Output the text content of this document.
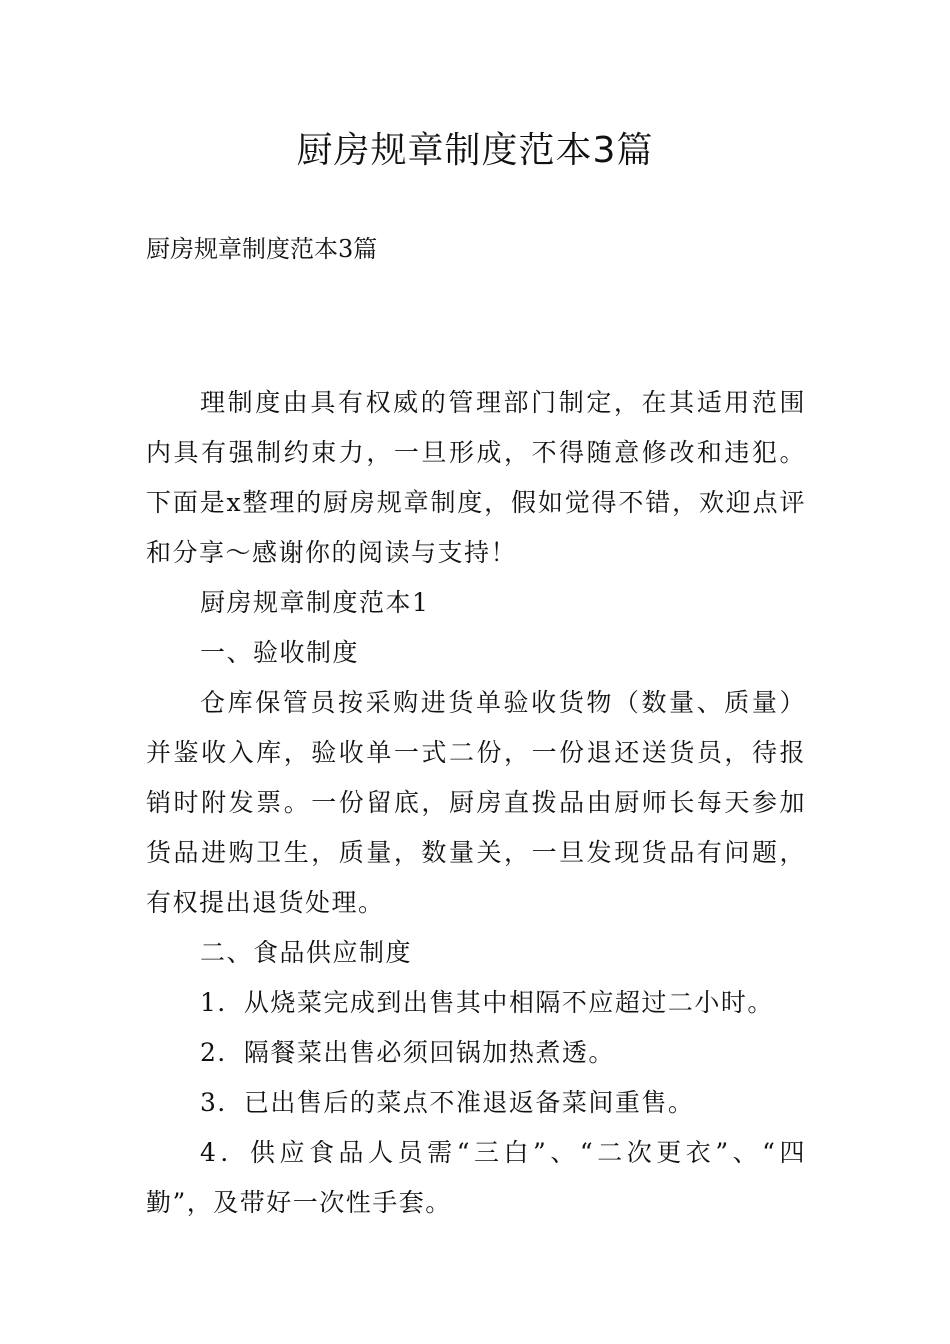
厨房规章制度范本3篇

厨房规章制度范本3篇

理制度由具有权威的管理部门制定，在其适用范围内具有强制约束力，一旦形成，不得随意修改和违犯。下面是x整理的厨房规章制度，假如觉得不错，欢迎点评和分享～感谢你的阅读与支持！

厨房规章制度范本1

一、验收制度

仓库保管员按采购进货单验收货物（数量、质量）并鉴收入库，验收单一式二份，一份退还送货员，待报销时附发票。一份留底，厨房直拨品由厨师长每天参加货品进购卫生，质量，数量关，一旦发现货品有问题，有权提出退货处理。

二、食品供应制度

1．从烧菜完成到出售其中相隔不应超过二小时。

2．隔餐菜出售必须回锅加热煮透。

3．已出售后的菜点不准退返备菜间重售。

4．供应食品人员需“三白”、“二次更衣”、“四勤”，及带好一次性手套。
